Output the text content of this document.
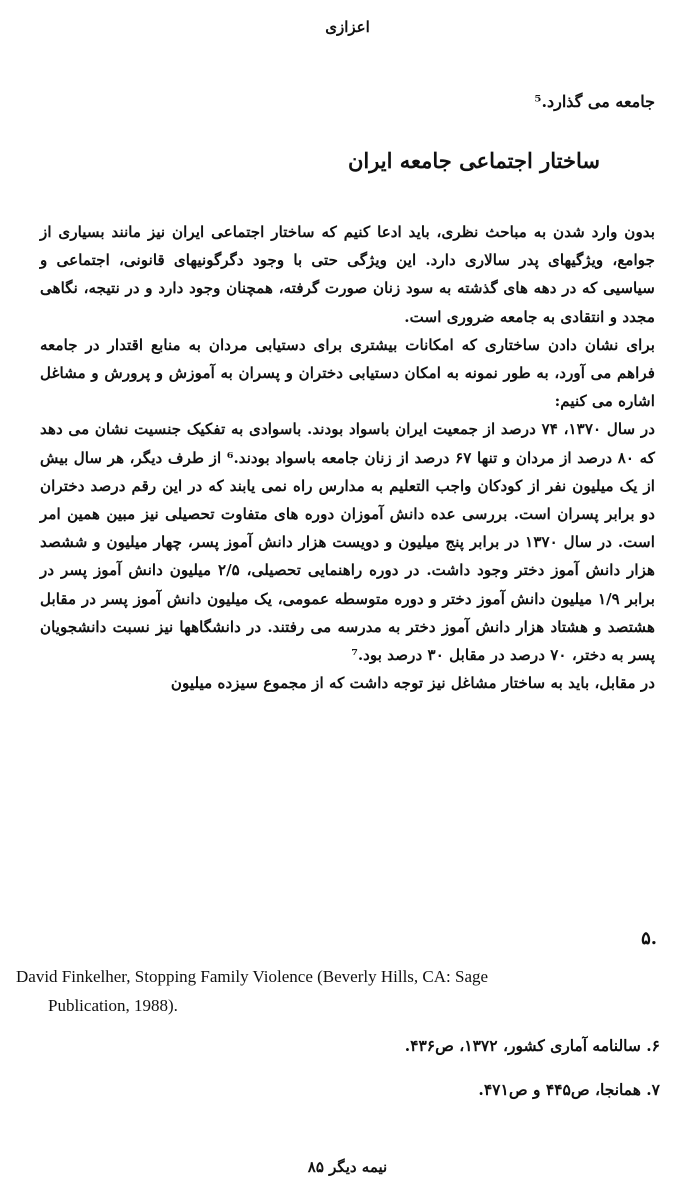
اعزازی
جامعه می گذارد.⁵
ساختار اجتماعی جامعه ایران

بدون وارد شدن به مباحث نظری، باید ادعا کنیم که ساختار اجتماعی ایران نیز مانند بسیاری از جوامع، ویژگیهای پدر سالاری دارد. این ویژگی حتی با وجود دگرگونیهای قانونی، اجتماعی و سیاسیی که در دهه های گذشته به سود زنان صورت گرفته، همچنان وجود دارد و در نتیجه، نگاهی مجدد و انتقادی به جامعه ضروری است.

برای نشان دادن ساختاری که امکانات بیشتری برای دستیابی مردان به منابع اقتدار در جامعه فراهم می آورد، به طور نمونه به امکان دستیابی دختران و پسران به آموزش و پرورش و مشاغل اشاره می کنیم:

در سال ۱۳۷۰، ۷۴ درصد از جمعیت ایران باسواد بودند. باسوادی به تفکیک جنسیت نشان می دهد که ۸۰ درصد از مردان و تنها ۶۷ درصد از زنان جامعه باسواد بودند.⁶ از طرف دیگر، هر سال بیش از یک میلیون نفر از کودکان واجب التعلیم به مدارس راه نمی یابند که در این رقم درصد دختران دو برابر پسران است. بررسی عده دانش آموزان دوره های متفاوت تحصیلی نیز مبین همین امر است. در سال ۱۳۷۰ در برابر پنج میلیون و دویست هزار دانش آموز پسر، چهار میلیون و ششصد هزار دانش آموز دختر وجود داشت. در دوره راهنمایی تحصیلی، ۲/۵ میلیون دانش آموز پسر در برابر ۱/۹ میلیون دانش آموز دختر و دوره متوسطه عمومی، یک میلیون دانش آموز پسر در مقابل هشتصد و هشتاد هزار دانش آموز دختر به مدرسه می رفتند. در دانشگاهها نیز نسبت دانشجویان پسر به دختر، ۷۰ درصد در مقابل ۳۰ درصد بود.⁷

در مقابل، باید به ساختار مشاغل نیز توجه داشت که از مجموع سیزده میلیون

۵.
David Finkelher, Stopping Family Violence (Beverly Hills, CA: Sage
Publication, 1988).
۶. سالنامه آماری کشور، ۱۳۷۲، ص۴۳۶.
۷. همانجا، ص۴۴۵ و ص۴۷۱.
نیمه دیگر ۸۵
